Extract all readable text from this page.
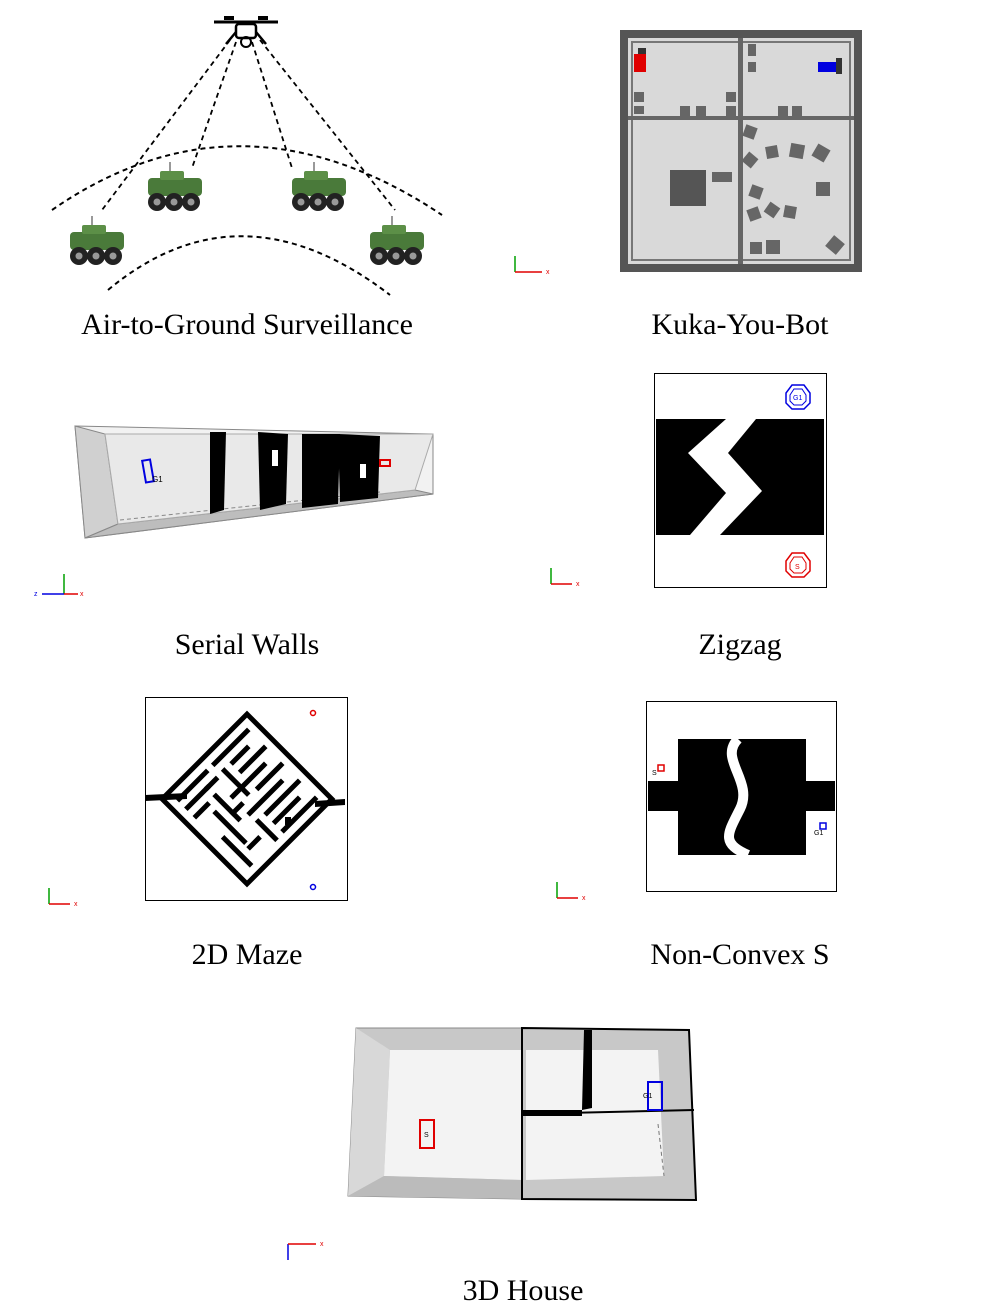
Air-to-Ground Surveillance
x
Kuka-You-Bot
G1
z	x
Serial Walls
x
G1
S
Zigzag
x
2D Maze
x
S
G1
Non-Convex S
S
G1
x
3D House
